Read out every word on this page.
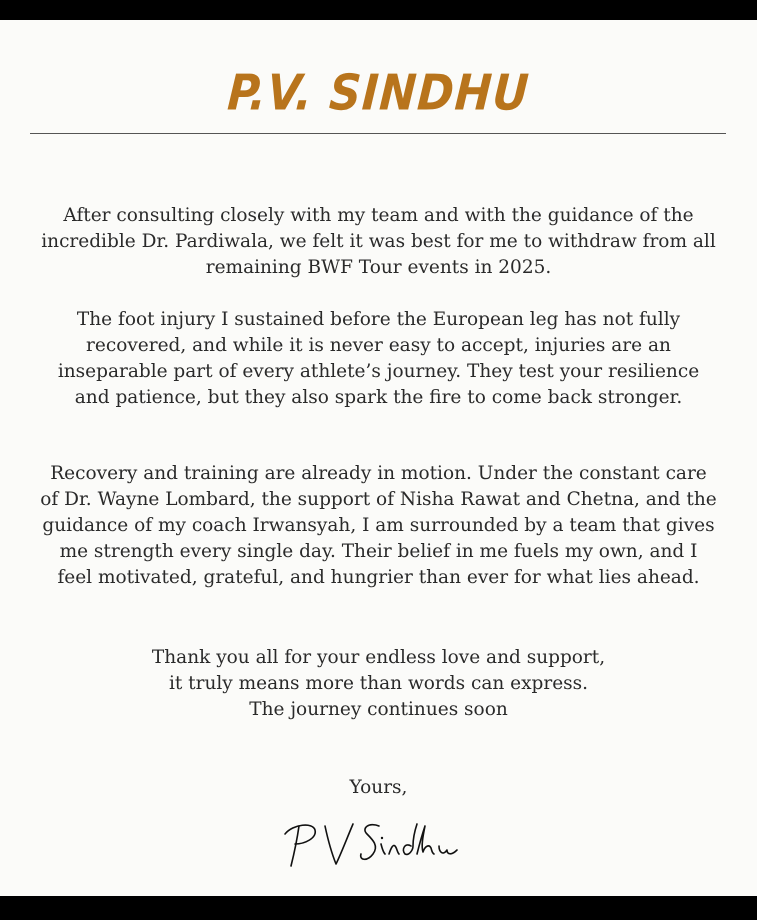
P.V. SINDHU

After consulting closely with my team and with the guidance of the incredible Dr. Pardiwala, we felt it was best for me to withdraw from all remaining BWF Tour events in 2025.

The foot injury I sustained before the European leg has not fully recovered, and while it is never easy to accept, injuries are an inseparable part of every athlete’s journey. They test your resilience and patience, but they also spark the fire to come back stronger.

Recovery and training are already in motion. Under the constant care of Dr. Wayne Lombard, the support of Nisha Rawat and Chetna, and the guidance of my coach Irwansyah, I am surrounded by a team that gives me strength every single day. Their belief in me fuels my own, and I feel motivated, grateful, and hungrier than ever for what lies ahead.

Thank you all for your endless love and support,
it truly means more than words can express.
The journey continues soon

Yours,
